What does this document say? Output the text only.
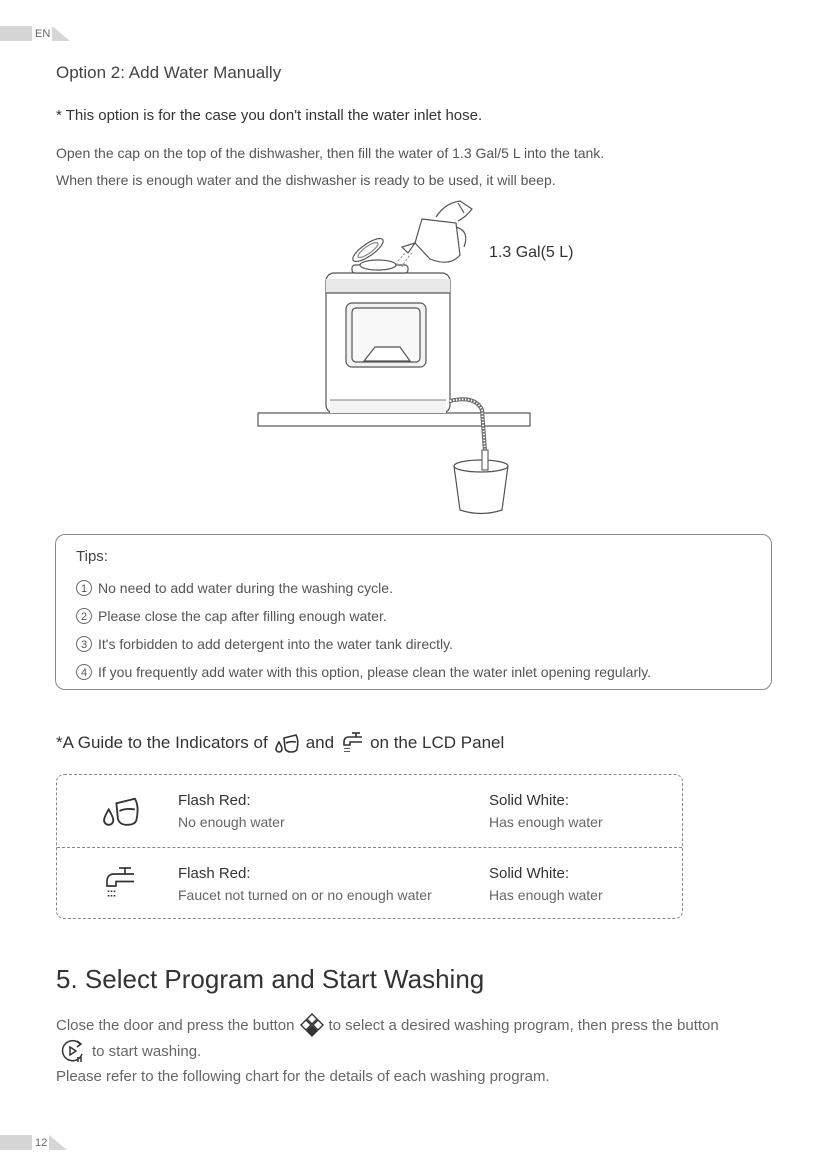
EN
Option 2: Add Water Manually
* This option is for the case you don't install the water inlet hose.
Open the cap on the top of the dishwasher, then fill the water of 1.3 Gal/5 L into the tank.
When there is enough water and the dishwasher is ready to be used, it will beep.
1.3 Gal(5 L)
Tips:
1 No need to add water during the washing cycle.
2 Please close the cap after filling enough water.
3 It's forbidden to add detergent into the water tank directly.
4 If you frequently add water with this option, please clean the water inlet opening regularly.
*A Guide to the Indicators of and on the LCD Panel
Flash Red:
No enough water
Solid White:
Has enough water
Flash Red:
Faucet not turned on or no enough water
Solid White:
Has enough water
5. Select Program and Start Washing
Close the door and press the button to select a desired washing program, then press the button
to start washing.
Please refer to the following chart for the details of each washing program.
12
